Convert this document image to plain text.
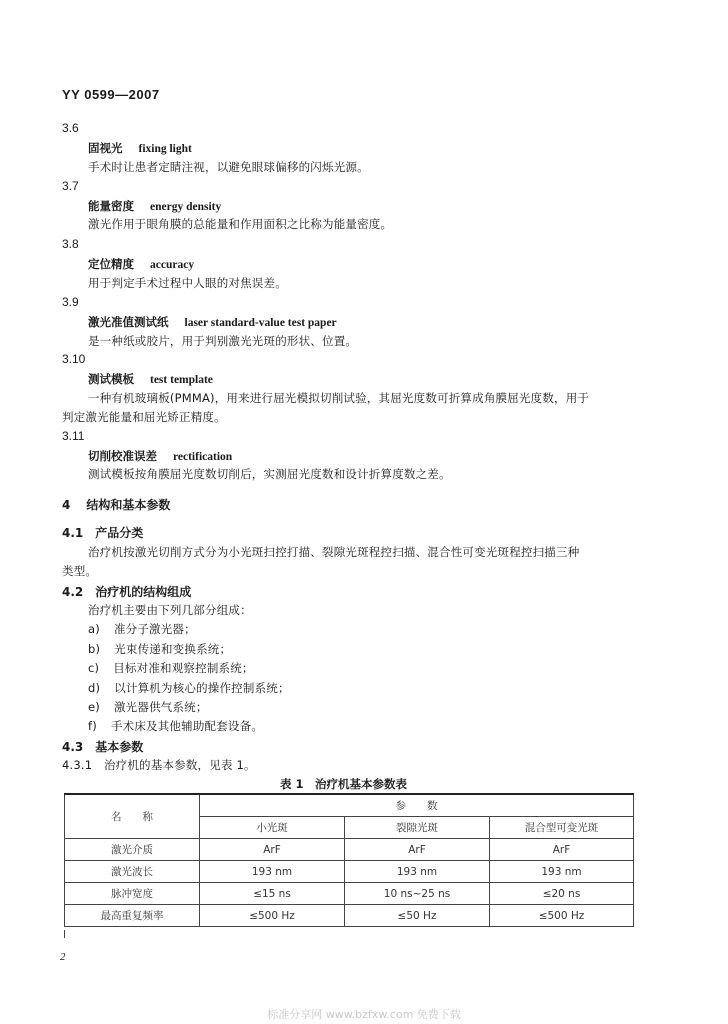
YY 0599—2007
3.6
固视光 fixing light
手术时让患者定睛注视，以避免眼球偏移的闪烁光源。
3.7
能量密度 energy density
激光作用于眼角膜的总能量和作用面积之比称为能量密度。
3.8
定位精度 accuracy
用于判定手术过程中人眼的对焦误差。
3.9
激光准值测试纸 laser standard-value test paper
是一种纸或胶片，用于判别激光光斑的形状、位置。
3.10
测试模板 test template
一种有机玻璃板(PMMA)，用来进行屈光模拟切削试验，其屈光度数可折算成角膜屈光度数，用于
判定激光能量和屈光矫正精度。
3.11
切削校准误差 rectification
测试模板按角膜屈光度数切削后，实测屈光度数和设计折算度数之差。
4 结构和基本参数
4.1　产品分类
治疗机按激光切削方式分为小光斑扫控打描、裂隙光斑程控扫描、混合性可变光斑程控扫描三种
类型。
4.2　治疗机的结构组成
治疗机主要由下列几部分组成：
a) 准分子激光器；
b) 光束传递和变换系统；
c) 目标对准和观察控制系统；
d) 以计算机为核心的操作控制系统；
e) 激光器供气系统；
f) 手术床及其他辅助配套设备。
4.3　基本参数
4.3.1　治疗机的基本参数，见表 1。
表 1　治疗机基本参数表
名　　称	参　　数		
	小光斑	裂隙光斑	混合型可变光斑
激光介质	ArF	ArF	ArF
激光波长	193 nm	193 nm	193 nm
脉冲宽度	≤15 ns	10 ns~25 ns	≤20 ns
最高重复频率	≤500 Hz	≤50 Hz	≤500 Hz
2
标准分享网 www.bzfxw.com 免费下载
